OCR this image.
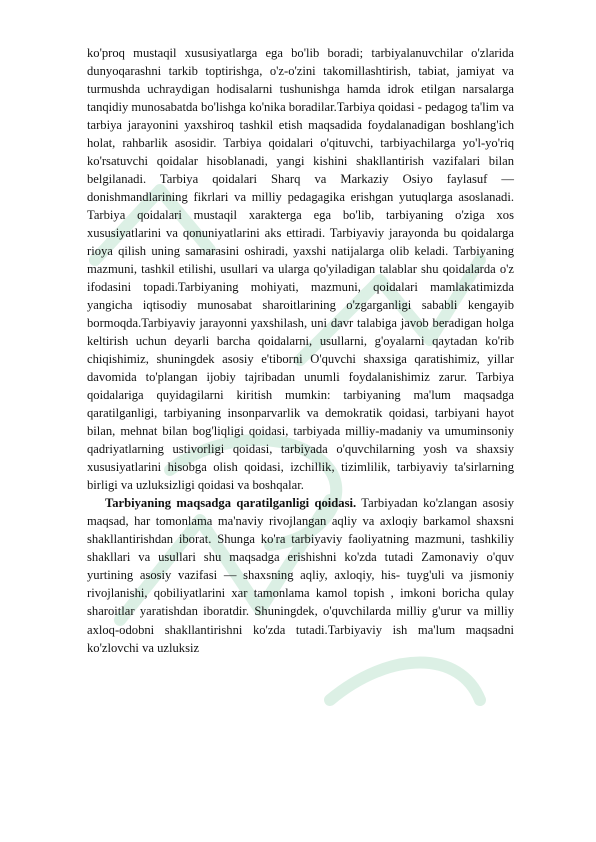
ko'proq mustaqil xususiyatlarga ega bo'lib boradi; tarbiyalanuvchilar o'zlarida dunyoqarashni tarkib toptirishga, o'z-o'zini takomillashtirish, tabiat, jamiyat va turmushda uchraydigan hodisalarni tushunishga hamda idrok etilgan narsalarga tanqidiy munosabatda bo'lishga ko'nika boradilar.Tarbiya qoidasi - pedagog ta'lim va tarbiya jarayonini yaxshiroq tashkil etish maqsadida foydalanadigan boshlang'ich holat, rahbarlik asosidir. Tarbiya qoidalari o'qituvchi, tarbiyachilarga yo'l-yo'riq ko'rsatuvchi qoidalar hisoblanadi, yangi kishini shakllantirish vazifalari bilan belgilanadi. Tarbiya qoidalari Sharq va Markaziy Osiyo faylasuf — donishmandlarining fikrlari va milliy pedagagika erishgan yutuqlarga asoslanadi. Tarbiya qoidalari mustaqil xarakterga ega bo'lib, tarbiyaning o'ziga xos xususiyatlarini va qonuniyatlarini aks ettiradi. Tarbiyaviy jarayonda bu qoidalarga rioya qilish uning samarasini oshiradi, yaxshi natijalarga olib keladi. Tarbiyaning mazmuni, tashkil etilishi, usullari va ularga qo'yiladigan talablar shu qoidalarda o'z ifodasini topadi.Tarbiyaning mohiyati, mazmuni, qoidalari mamlakatimizda yangicha iqtisodiy munosabat sharoitlarining o'zgarganligi sababli kengayib bormoqda.Tarbiyaviy jarayonni yaxshilash, uni davr talabiga javob beradigan holga keltirish uchun deyarli barcha qoidalarni, usullarni, g'oyalarni qaytadan ko'rib chiqishimiz, shuningdek asosiy e'tiborni O'quvchi shaxsiga qaratishimiz, yillar davomida to'plangan ijobiy tajribadan unumli foydalanishimiz zarur. Tarbiya qoidalariga quyidagilarni kiritish mumkin: tarbiyaning ma'lum maqsadga qaratilganligi, tarbiyaning insonparvarlik va demokratik qoidasi, tarbiyani hayot bilan, mehnat bilan bog'liqligi qoidasi, tarbiyada milliy-madaniy va umuminsoniy qadriyatlarning ustivorligi qoidasi, tarbiyada o'quvchilarning yosh va shaxsiy xususiyatlarini hisobga olish qoidasi, izchillik, tizimlilik, tarbiyaviy ta'sirlarning birligi va uzluksizligi qoidasi va boshqalar.

Tarbiyaning maqsadga qaratilganligi qoidasi. Tarbiyadan ko'zlangan asosiy maqsad, har tomonlama ma'naviy rivojlangan aqliy va axloqiy barkamol shaxsni shakllantirishdan iborat. Shunga ko'ra tarbiyaviy faoliyatning mazmuni, tashkiliy shakllari va usullari shu maqsadga erishishni ko'zda tutadi Zamonaviy o'quv yurtining asosiy vazifasi — shaxsning aqliy, axloqiy, his- tuyg'uli va jismoniy rivojlanishi, qobiliyatlarini xar tamonlama kamol topish , imkoni boricha qulay sharoitlar yaratishdan iboratdir. Shuningdek, o'quvchilarda milliy g'urur va milliy axloq-odobni shakllantirishni ko'zda tutadi.Tarbiyaviy ish ma'lum maqsadni ko'zlovchi va uzluksiz
